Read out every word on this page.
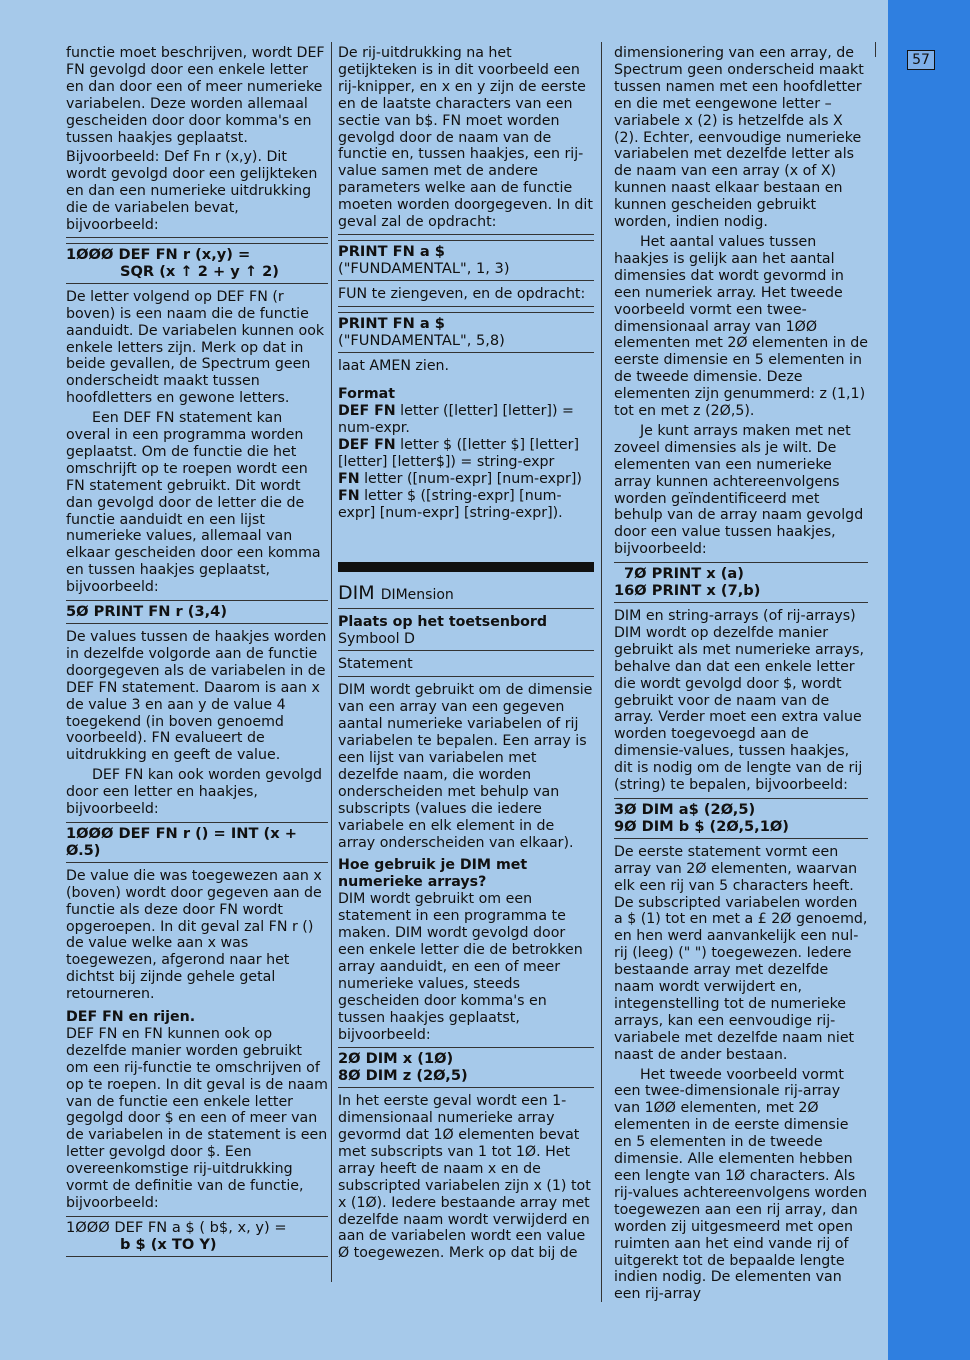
57

functie moet beschrijven, wordt DEF FN gevolgd door een enkele letter en dan door een of meer numerieke variabelen. Deze worden allemaal gescheiden door door komma's en tussen haakjes geplaatst.

Bijvoorbeeld: Def Fn r (x,y). Dit wordt gevolgd door een gelijkteken en dan een numerieke uitdrukking die de variabelen bevat, bijvoorbeeld:

1ØØØ DEF FN r (x,y) =
SQR (x ↑ 2 + y ↑ 2)

De letter volgend op DEF FN (r boven) is een naam die de functie aanduidt. De variabelen kunnen ook enkele letters zijn. Merk op dat in beide gevallen, de Spectrum geen onderscheidt maakt tussen hoofdletters en gewone letters.

Een DEF FN statement kan overal in een programma worden geplaatst. Om de functie die het omschrijft op te roepen wordt een FN statement gebruikt. Dit wordt dan gevolgd door de letter die de functie aanduidt en een lijst numerieke values, allemaal van elkaar gescheiden door een komma en tussen haakjes geplaatst, bijvoorbeeld:

5Ø PRINT FN r (3,4)

De values tussen de haakjes worden in dezelfde volgorde aan de functie doorgegeven als de variabelen in de DEF FN statement. Daarom is aan x de value 3 en aan y de value 4 toegekend (in boven genoemd voorbeeld). FN evalueert de uitdrukking en geeft de value.

DEF FN kan ook worden gevolgd door een letter en haakjes, bijvoorbeeld:

1ØØØ DEF FN r () = INT (x + Ø.5)

De value die was toegewezen aan x (boven) wordt door gegeven aan de functie als deze door FN wordt opgeroepen. In dit geval zal FN r () de value welke aan x was toegewezen, afgerond naar het dichtst bij zijnde gehele getal retourneren.

DEF FN en rijen.

DEF FN en FN kunnen ook op dezelfde manier worden gebruikt om een rij-functie te omschrijven of op te roepen. In dit geval is de naam van de functie een enkele letter gegolgd door $ en een of meer van de variabelen in de statement is een letter gevolgd door $. Een overeenkomstige rij-uitdrukking vormt de definitie van de functie, bijvoorbeeld:

1ØØØ DEF FN a $ ( b$, x, y) =
b $ (x TO Y)

De rij-uitdrukking na het getijkteken is in dit voorbeeld een rij-knipper, en x en y zijn de eerste en de laatste characters van een sectie van b$. FN moet worden gevolgd door de naam van de functie en, tussen haakjes, een rij-value samen met de andere parameters welke aan de functie moeten worden doorgegeven. In dit geval zal de opdracht:

PRINT FN a $
("FUNDAMENTAL", 1, 3)

FUN te ziengeven, en de opdracht:

PRINT FN a $
("FUNDAMENTAL", 5,8)

laat AMEN zien.

Format

DEF FN letter ([letter] [letter]) = num-expr.

DEF FN letter $ ([letter $] [letter] [letter] [letter$]) = string-expr

FN letter ([num-expr] [num-expr])

FN letter $ ([string-expr] [num-expr] [num-expr] [string-expr]).

DIM DIMension
Plaats op het toetsenbord
Symbool D

Statement

DIM wordt gebruikt om de dimensie van een array van een gegeven aantal numerieke variabelen of rij variabelen te bepalen. Een array is een lijst van variabelen met dezelfde naam, die worden onderscheiden met behulp van subscripts (values die iedere variabele en elk element in de array onderscheiden van elkaar).

Hoe gebruik je DIM met numerieke arrays?

DIM wordt gebruikt om een statement in een programma te maken. DIM wordt gevolgd door een enkele letter die de betrokken array aanduidt, en een of meer numerieke values, steeds gescheiden door komma's en tussen haakjes geplaatst, bijvoorbeeld:

2Ø DIM x (1Ø)
8Ø DIM z (2Ø,5)

In het eerste geval wordt een 1-dimensionaal numerieke array gevormd dat 1Ø elementen bevat met subscripts van 1 tot 1Ø. Het array heeft de naam x en de subscripted variabelen zijn x (1) tot x (1Ø). Iedere bestaande array met dezelfde naam wordt verwijderd en aan de variabelen wordt een value Ø toegewezen. Merk op dat bij de

dimensionering van een array, de Spectrum geen onderscheid maakt tussen namen met een hoofdletter en die met eengewone letter – variabele x (2) is hetzelfde als X (2). Echter, eenvoudige numerieke variabelen met dezelfde letter als de naam van een array (x of X) kunnen naast elkaar bestaan en kunnen gescheiden gebruikt worden, indien nodig.

Het aantal values tussen haakjes is gelijk aan het aantal dimensies dat wordt gevormd in een numeriek array. Het tweede voorbeeld vormt een twee-dimensionaal array van 1ØØ elementen met 2Ø elementen in de eerste dimensie en 5 elementen in de tweede dimensie. Deze elementen zijn genummerd: z (1,1) tot en met z (2Ø,5).

Je kunt arrays maken met net zoveel dimensies als je wilt. De elementen van een numerieke array kunnen achtereenvolgens worden geïndentificeerd met behulp van de array naam gevolgd door een value tussen haakjes, bijvoorbeeld:

7Ø PRINT x (a)
16Ø PRINT x (7,b)

DIM en string-arrays (of rij-arrays) DIM wordt op dezelfde manier gebruikt als met numerieke arrays, behalve dan dat een enkele letter die wordt gevolgd door $, wordt gebruikt voor de naam van de array. Verder moet een extra value worden toegevoegd aan de dimensie-values, tussen haakjes, dit is nodig om de lengte van de rij (string) te bepalen, bijvoorbeeld:

3Ø DIM a$ (2Ø,5)
9Ø DIM b $ (2Ø,5,1Ø)

De eerste statement vormt een array van 2Ø elementen, waarvan elk een rij van 5 characters heeft. De subscripted variabelen worden a $ (1) tot en met a £ 2Ø genoemd, en hen werd aanvankelijk een nul-rij (leeg) (" ") toegewezen. Iedere bestaande array met dezelfde naam wordt verwijdert en, integenstelling tot de numerieke arrays, kan een eenvoudige rij-variabele met dezelfde naam niet naast de ander bestaan.

Het tweede voorbeeld vormt een twee-dimensionale rij-array van 1ØØ elementen, met 2Ø elementen in de eerste dimensie en 5 elementen in de tweede dimensie. Alle elementen hebben een lengte van 1Ø characters. Als rij-values achtereenvolgens worden toegewezen aan een rij array, dan worden zij uitgesmeerd met open ruimten aan het eind vande rij of uitgerekt tot de bepaalde lengte indien nodig. De elementen van een rij-array
